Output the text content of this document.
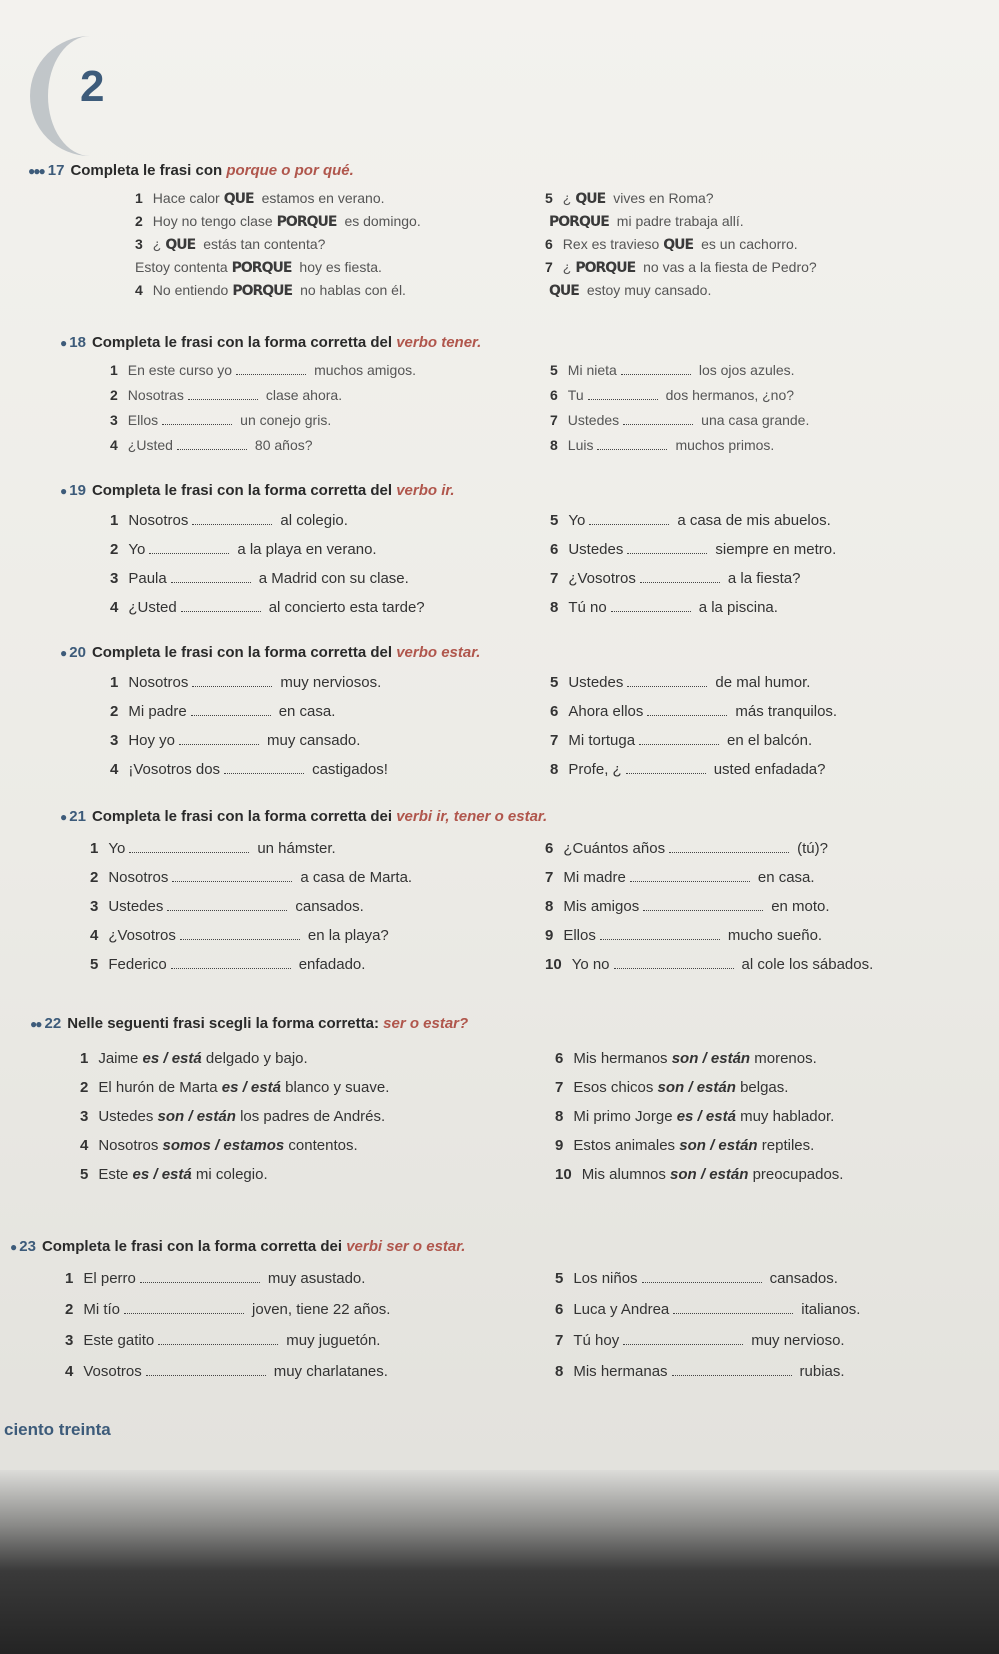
2
●●● 17 Completa le frasi con porque o por qué.
● 18 Completa le frasi con la forma corretta del verbo tener.
● 19 Completa le frasi con la forma corretta del verbo ir.
● 20 Completa le frasi con la forma corretta del verbo estar.
● 21 Completa le frasi con la forma corretta dei verbi ir, tener o estar.
●● 22 Nelle seguenti frasi scegli la forma corretta: ser o estar?
● 23 Completa le frasi con la forma corretta dei verbi ser o estar.
1 Hace calor QUE estamos en verano.
2 Hoy no tengo clase PORQUE es domingo.
3 ¿ QUE estás tan contenta?
Estoy contenta PORQUE hoy es fiesta.
4 No entiendo PORQUE no hablas con él.
5 ¿ QUE vives en Roma?
PORQUE mi padre trabaja allí.
6 Rex es travieso QUE es un cachorro.
7 ¿ PORQUE no vas a la fiesta de Pedro?
QUE estoy muy cansado.
1 En este curso yo	muchos amigos.
2 Nosotras	clase ahora.
3 Ellos	un conejo gris.
4 ¿Usted	80 años?
5 Mi nieta	los ojos azules.
6 Tu	dos hermanos, ¿no?
7 Ustedes	una casa grande.
8 Luis	muchos primos.
1 Nosotros	al colegio.
2 Yo	a la playa en verano.
3 Paula	a Madrid con su clase.
4 ¿Usted	al concierto esta tarde?
5 Yo	a casa de mis abuelos.
6 Ustedes	siempre en metro.
7 ¿Vosotros	a la fiesta?
8 Tú no	a la piscina.
1 Nosotros	muy nerviosos.
2 Mi padre	en casa.
3 Hoy yo	muy cansado.
4 ¡Vosotros dos	castigados!
5 Ustedes	de mal humor.
6 Ahora ellos	más tranquilos.
7 Mi tortuga	en el balcón.
8 Profe, ¿	usted enfadada?
1 Yo	un hámster.
2 Nosotros	a casa de Marta.
3 Ustedes	cansados.
4 ¿Vosotros	en la playa?
5 Federico	enfadado.
6 ¿Cuántos años	(tú)?
7 Mi madre	en casa.
8 Mis amigos	en moto.
9 Ellos	mucho sueño.
10 Yo no	al cole los sábados.
1 Jaime es / está delgado y bajo.
2 El hurón de Marta es / está blanco y suave.
3 Ustedes son / están los padres de Andrés.
4 Nosotros somos / estamos contentos.
5 Este es / está mi colegio.
6 Mis hermanos son / están morenos.
7 Esos chicos son / están belgas.
8 Mi primo Jorge es / está muy hablador.
9 Estos animales son / están reptiles.
10 Mis alumnos son / están preocupados.
1 El perro	muy asustado.
2 Mi tío	joven, tiene 22 años.
3 Este gatito	muy juguetón.
4 Vosotros	muy charlatanes.
5 Los niños	cansados.
6 Luca y Andrea	italianos.
7 Tú hoy	muy nervioso.
8 Mis hermanas	rubias.
ciento treinta
